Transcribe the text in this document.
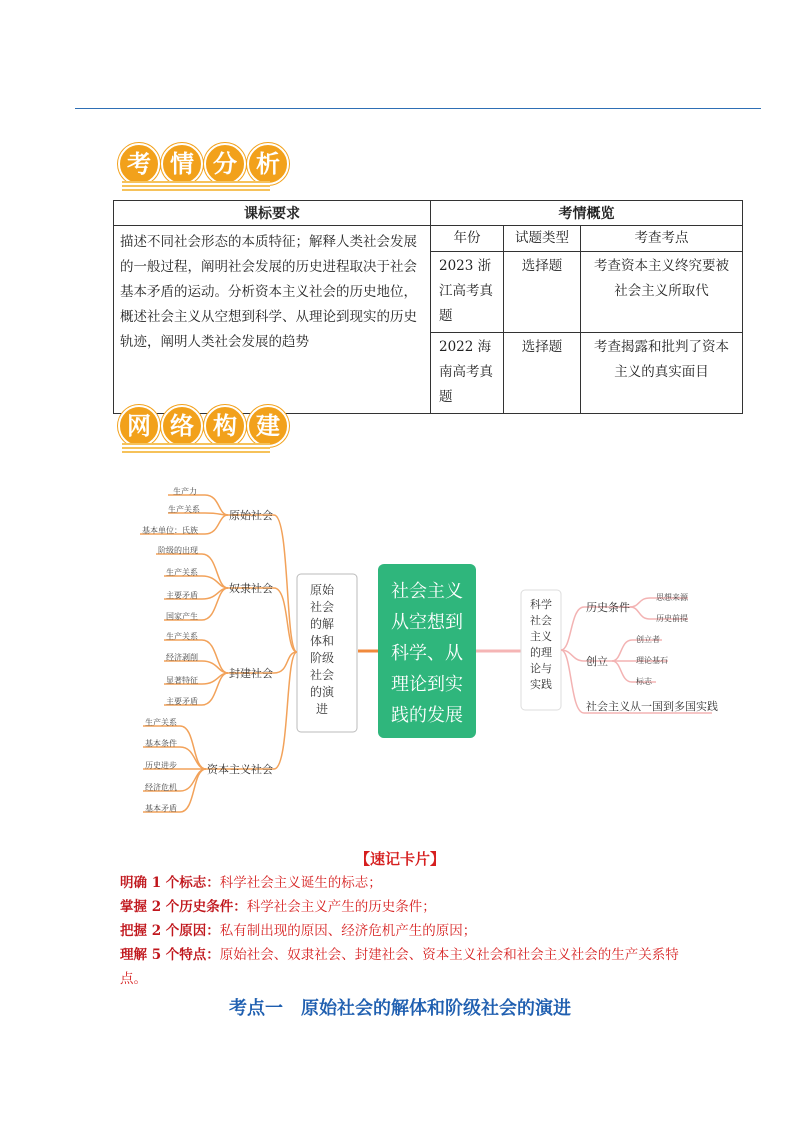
考 情 分 析
课标要求	考情概览		
描述不同社会形态的本质特征；解释人类社会发展的一般过程，阐明社会发展的历史进程取决于社会基本矛盾的运动。分析资本主义社会的历史地位，概述社会主义从空想到科学、从理论到现实的历史轨迹，阐明人类社会发展的趋势	年份	试题类型	考查考点
	2023 浙江高考真题	选择题	考查资本主义终究要被社会主义所取代
	2022 海南高考真题	选择题	考查揭露和批判了资本主义的真实面目
网 络 构 建
社会主义
从空想到
科学、从
理论到实
践的发展
原始
社会
的解
体和
阶级
社会
的演
进
原始社会
奴隶社会
封建社会
资本主义社会
生产力
生产关系
基本单位：氏族
阶级的出现
生产关系
主要矛盾
国家产生
生产关系
经济剥削
显著特征
主要矛盾
生产关系
基本条件
历史进步
经济危机
基本矛盾
科学
社会
主义
的理
论与
实践
历史条件
创立
社会主义从一国到多国实践
思想来源
历史前提
创立者
理论基石
标志
【速记卡片】
明确 1 个标志：科学社会主义诞生的标志；
掌握 2 个历史条件：科学社会主义产生的历史条件；
把握 2 个原因：私有制出现的原因、经济危机产生的原因；
理解 5 个特点：原始社会、奴隶社会、封建社会、资本主义社会和社会主义社会的生产关系特点。
考点一　原始社会的解体和阶级社会的演进
